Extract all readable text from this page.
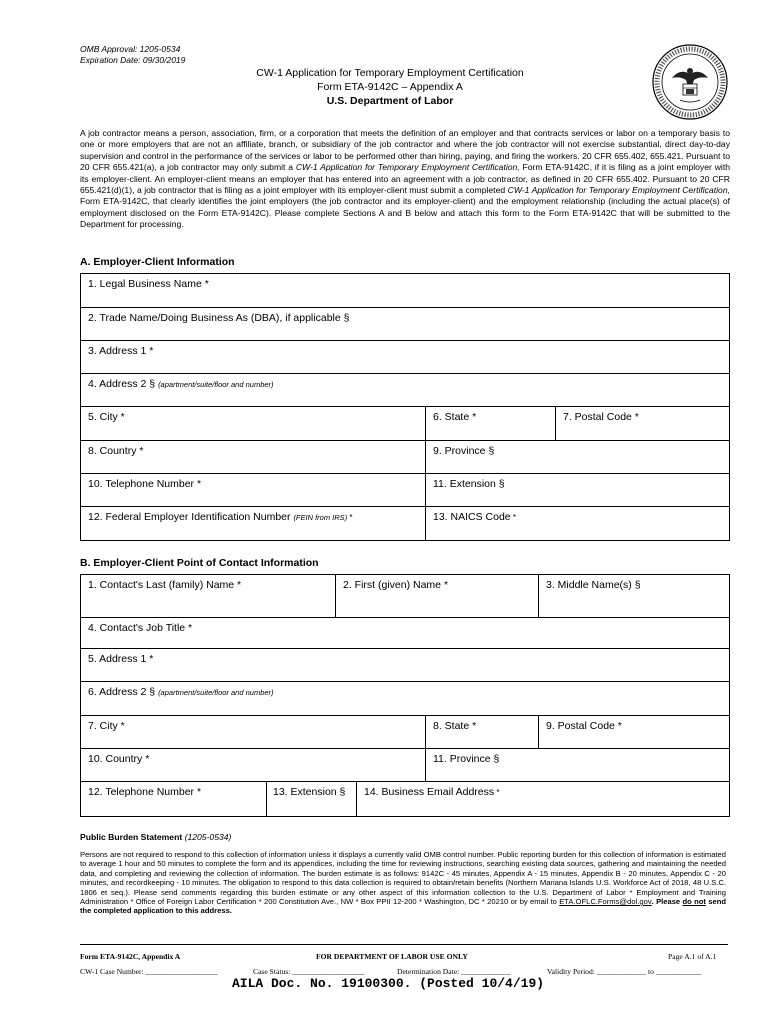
OMB Approval: 1205-0534
Expiration Date: 09/30/2019
CW-1 Application for Temporary Employment Certification
Form ETA-9142C – Appendix A
U.S. Department of Labor
A job contractor means a person, association, firm, or a corporation that meets the definition of an employer and that contracts services or labor on a temporary basis to one or more employers that are not an affiliate, branch, or subsidiary of the job contractor and where the job contractor will not exercise substantial, direct day-to-day supervision and control in the performance of the services or labor to be performed other than hiring, paying, and firing the workers. 20 CFR 655.402, 655.421. Pursuant to 20 CFR 655.421(a), a job contractor may only submit a CW-1 Application for Temporary Employment Certification, Form ETA-9142C, if it is filing as a joint employer with its employer-client. An employer-client means an employer that has entered into an agreement with a job contractor, as defined in 20 CFR 655.402. Pursuant to 20 CFR 655.421(d)(1), a job contractor that is filing as a joint employer with its employer-client must submit a completed CW-1 Application for Temporary Employment Certification, Form ETA-9142C, that clearly identifies the joint employers (the job contractor and its employer-client) and the employment relationship (including the actual place(s) of employment disclosed on the Form ETA-9142C). Please complete Sections A and B below and attach this form to the Form ETA-9142C that will be submitted to the Department for processing.
A. Employer-Client Information
1. Legal Business Name *
2. Trade Name/Doing Business As (DBA), if applicable §
3. Address 1 *
4. Address 2 § (apartment/suite/floor and number)
5. City *	6. State *	7. Postal Code *
8. Country *	9. Province §
10. Telephone Number *	11. Extension §
12. Federal Employer Identification Number (FEIN from IRS) *	13. NAICS Code *
B. Employer-Client Point of Contact Information
1. Contact's Last (family) Name *	2. First (given) Name *	3. Middle Name(s) §
4. Contact's Job Title *
5. Address 1 *
6. Address 2 § (apartment/suite/floor and number)
7. City *	8. State *	9. Postal Code *
10. Country *	11. Province §
12. Telephone Number *	13. Extension §	14. Business Email Address *
Public Burden Statement (1205-0534)
Persons are not required to respond to this collection of information unless it displays a currently valid OMB control number. Public reporting burden for this collection of information is estimated to average 1 hour and 50 minutes to complete the form and its appendices, including the time for reviewing instructions, searching existing data sources, gathering and maintaining the needed data, and completing and reviewing the collection of information. The burden estimate is as follows: 9142C - 45 minutes, Appendix A - 15 minutes, Appendix B - 20 minutes, Appendix C - 20 minutes, and recordkeeping - 10 minutes. The obligation to respond to this data collection is required to obtain/retain benefits (Northern Mariana Islands U.S. Workforce Act of 2018, 48 U.S.C. 1806 et seq.). Please send comments regarding this burden estimate or any other aspect of this information collection to the U.S. Department of Labor * Employment and Training Administration * Office of Foreign Labor Certification * 200 Constitution Ave., NW * Box PPII 12-200 * Washington, DC * 20210 or by email to ETA.OFLC.Forms@dol.gov. Please do not send the completed application to this address.
Form ETA-9142C, Appendix A	FOR DEPARTMENT OF LABOR USE ONLY	Page A.1 of A.1
CW-1 Case Number: ___________________	Case Status: ___________________	Determination Date: _____________	Validity Period: _____________ to ____________
AILA Doc. No. 19100300. (Posted 10/4/19)
